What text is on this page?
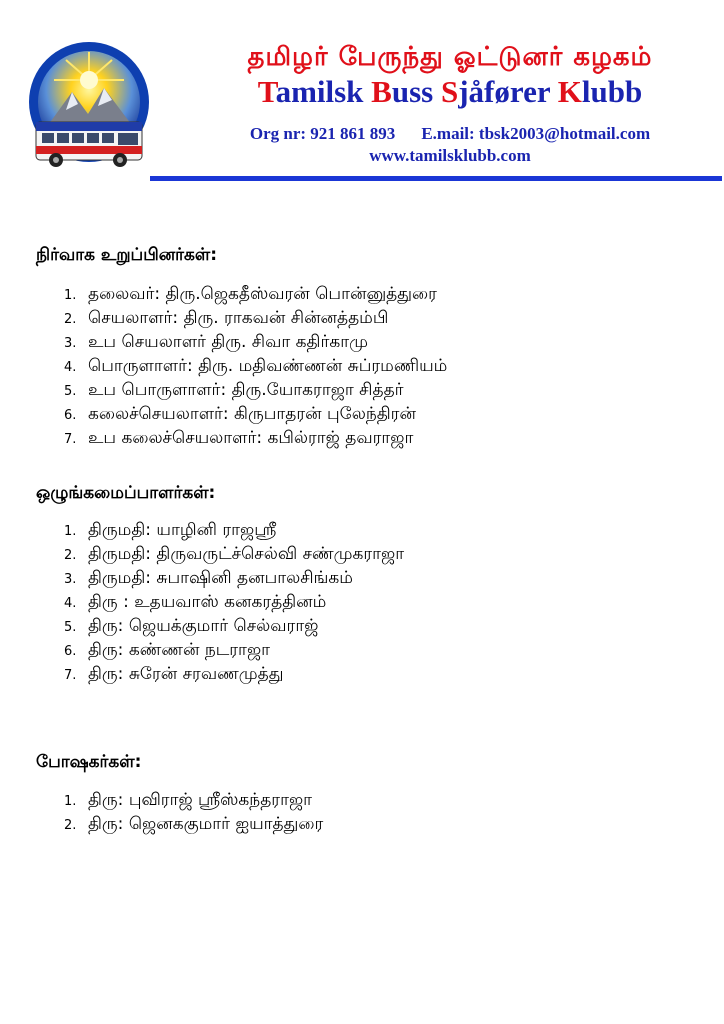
தமிழர் பேருந்து ஓட்டுனர் கழகம்
Tamilsk Buss Sjåfører Klubb
Org nr: 921 861 893 E.mail: tbsk2003@hotmail.com
www.tamilsklubb.com
நிர்வாக உறுப்பினர்கள்:
1. தலைவர்: திரு.ஜெகதீஸ்வரன் பொன்னுத்துரை
2. செயலாளர்: திரு. ராகவன் சின்னத்தம்பி
3. உப செயலாளர் திரு. சிவா கதிர்காமு
4. பொருளாளர்: திரு. மதிவண்ணன் சுப்ரமணியம்
5. உப பொருளாளர்: திரு.யோகராஜா சித்தர்
6. கலைச்செயலாளர்: கிருபாதரன் புலேந்திரன்
7. உப கலைச்செயலாளர்: கபில்ராஜ் தவராஜா
ஒழுங்கமைப்பாளர்கள்:
1. திருமதி: யாழினி ராஜஶ்ரீ
2. திருமதி: திருவருட்ச்செல்வி சண்முகராஜா
3. திருமதி: சுபாஷினி தனபாலசிங்கம்
4. திரு : உதயவாஸ் கனகரத்தினம்
5. திரு: ஜெயக்குமார் செல்வராஜ்
6. திரு: கண்ணன் நடராஜா
7. திரு: சுரேன் சரவணமுத்து
போஷகர்கள்:
1. திரு: புவிராஜ் ஶ்ரீஸ்கந்தராஜா
2. திரு: ஜெனககுமார் ஐயாத்துரை
